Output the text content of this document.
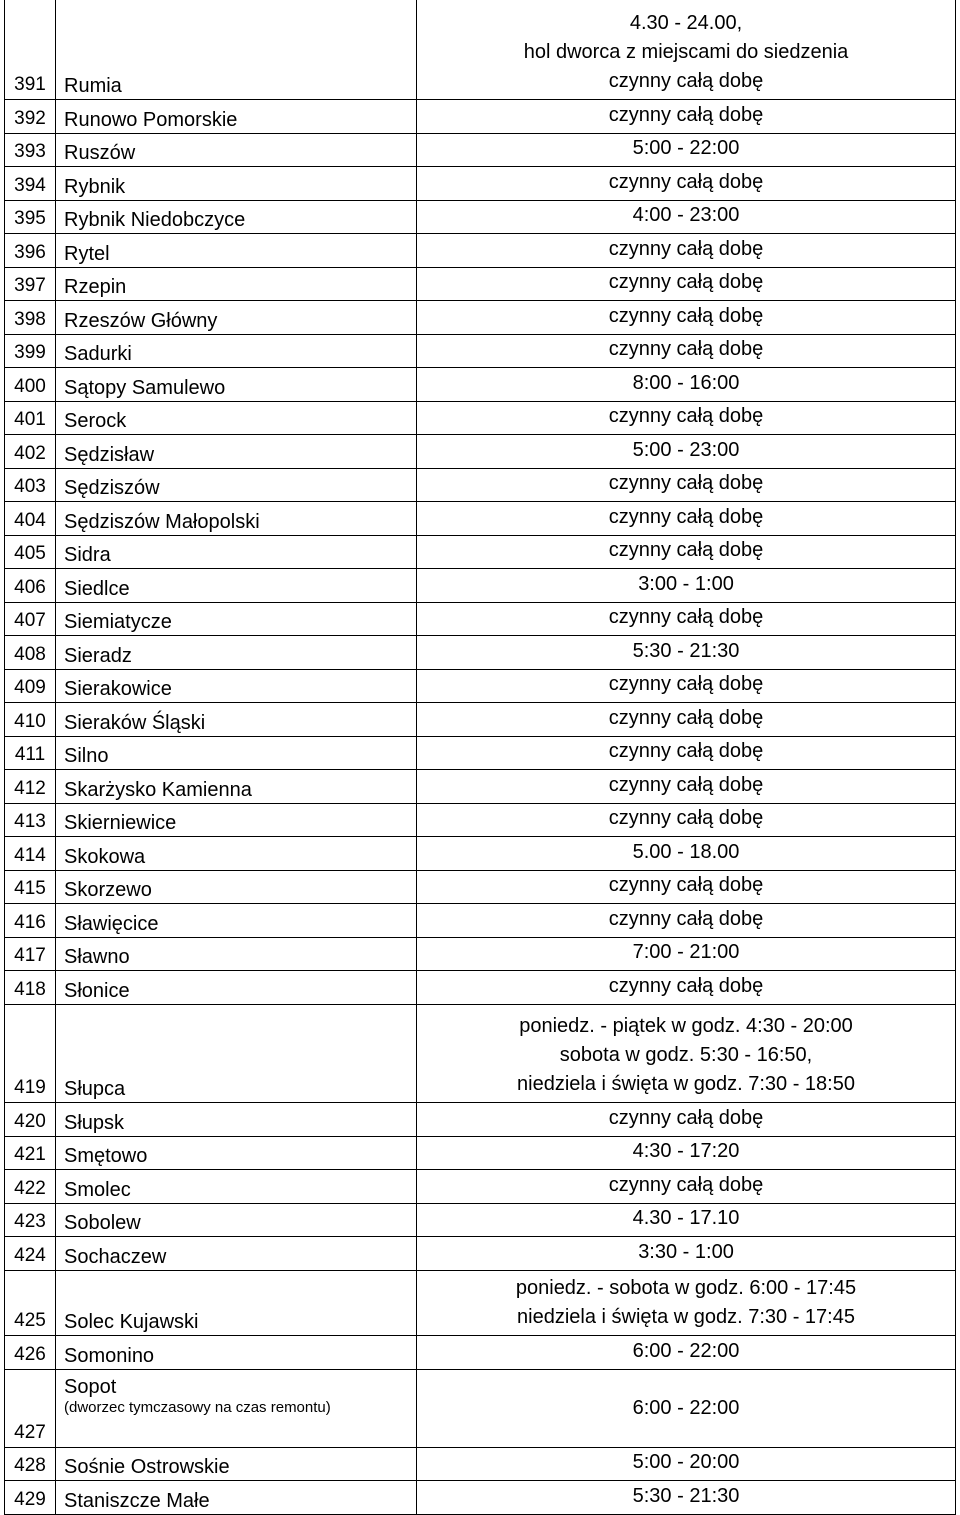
391	Rumia	4.30 - 24.00,
hol dworca z miejscami do siedzenia
czynny całą dobę

392	Runowo Pomorskie	czynny całą dobę

393	Ruszów	5:00 - 22:00

394	Rybnik	czynny całą dobę

395	Rybnik Niedobczyce	4:00 - 23:00

396	Rytel	czynny całą dobę

397	Rzepin	czynny całą dobę

398	Rzeszów Główny	czynny całą dobę

399	Sadurki	czynny całą dobę

400	Sątopy Samulewo	8:00 - 16:00

401	Serock	czynny całą dobę

402	Sędzisław	5:00 - 23:00

403	Sędziszów	czynny całą dobę

404	Sędziszów Małopolski	czynny całą dobę

405	Sidra	czynny całą dobę

406	Siedlce	3:00 - 1:00

407	Siemiatycze	czynny całą dobę

408	Sieradz	5:30 - 21:30

409	Sierakowice	czynny całą dobę

410	Sieraków Śląski	czynny całą dobę

411	Silno	czynny całą dobę

412	Skarżysko Kamienna	czynny całą dobę

413	Skierniewice	czynny całą dobę

414	Skokowa	5.00 - 18.00

415	Skorzewo	czynny całą dobę

416	Sławięcice	czynny całą dobę

417	Sławno	7:00 - 21:00

418	Słonice	czynny całą dobę

419	Słupca	poniedz. - piątek w godz. 4:30 - 20:00
sobota w godz. 5:30 - 16:50,
niedziela i święta w godz. 7:30 - 18:50

420	Słupsk	czynny całą dobę

421	Smętowo	4:30 - 17:20

422	Smolec	czynny całą dobę

423	Sobolew	4.30 - 17.10

424	Sochaczew	3:30 - 1:00

425	Solec Kujawski	poniedz. - sobota w godz. 6:00 - 17:45
niedziela i święta w godz. 7:30 - 17:45

426	Somonino	6:00 - 22:00

427	Sopot
(dworzec tymczasowy na czas remontu)	6:00 - 22:00

428	Sośnie Ostrowskie	5:00 - 20:00

429	Staniszcze Małe	5:30 - 21:30
